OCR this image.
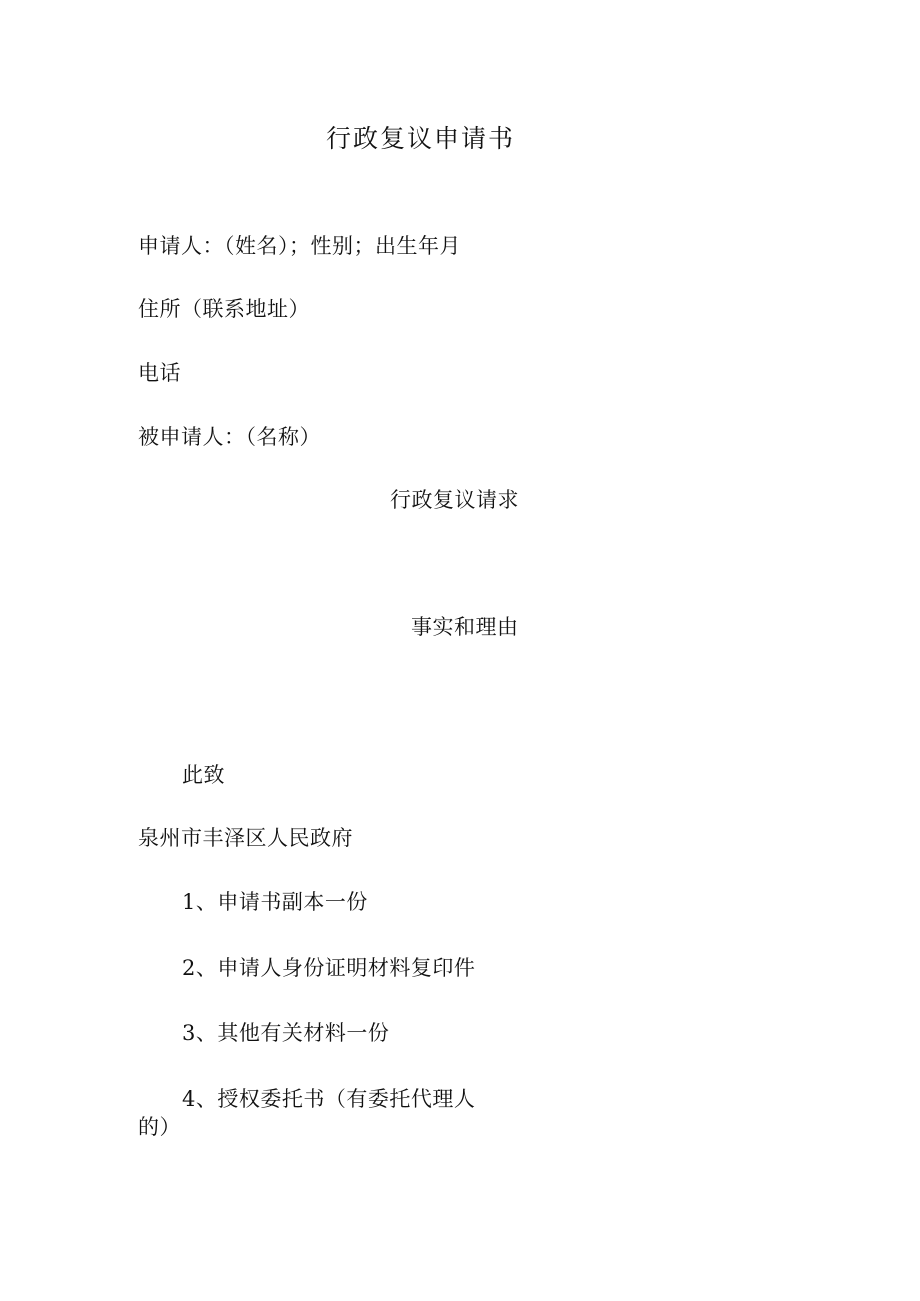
行政复议申请书
申请人：（姓名）；性别；出生年月
住所（联系地址）
电话
被申请人：（名称）
行政复议请求
事实和理由
此致
泉州市丰泽区人民政府
1、申请书副本一份
2、申请人身份证明材料复印件
3、其他有关材料一份
4、授权委托书（有委托代理人的）
